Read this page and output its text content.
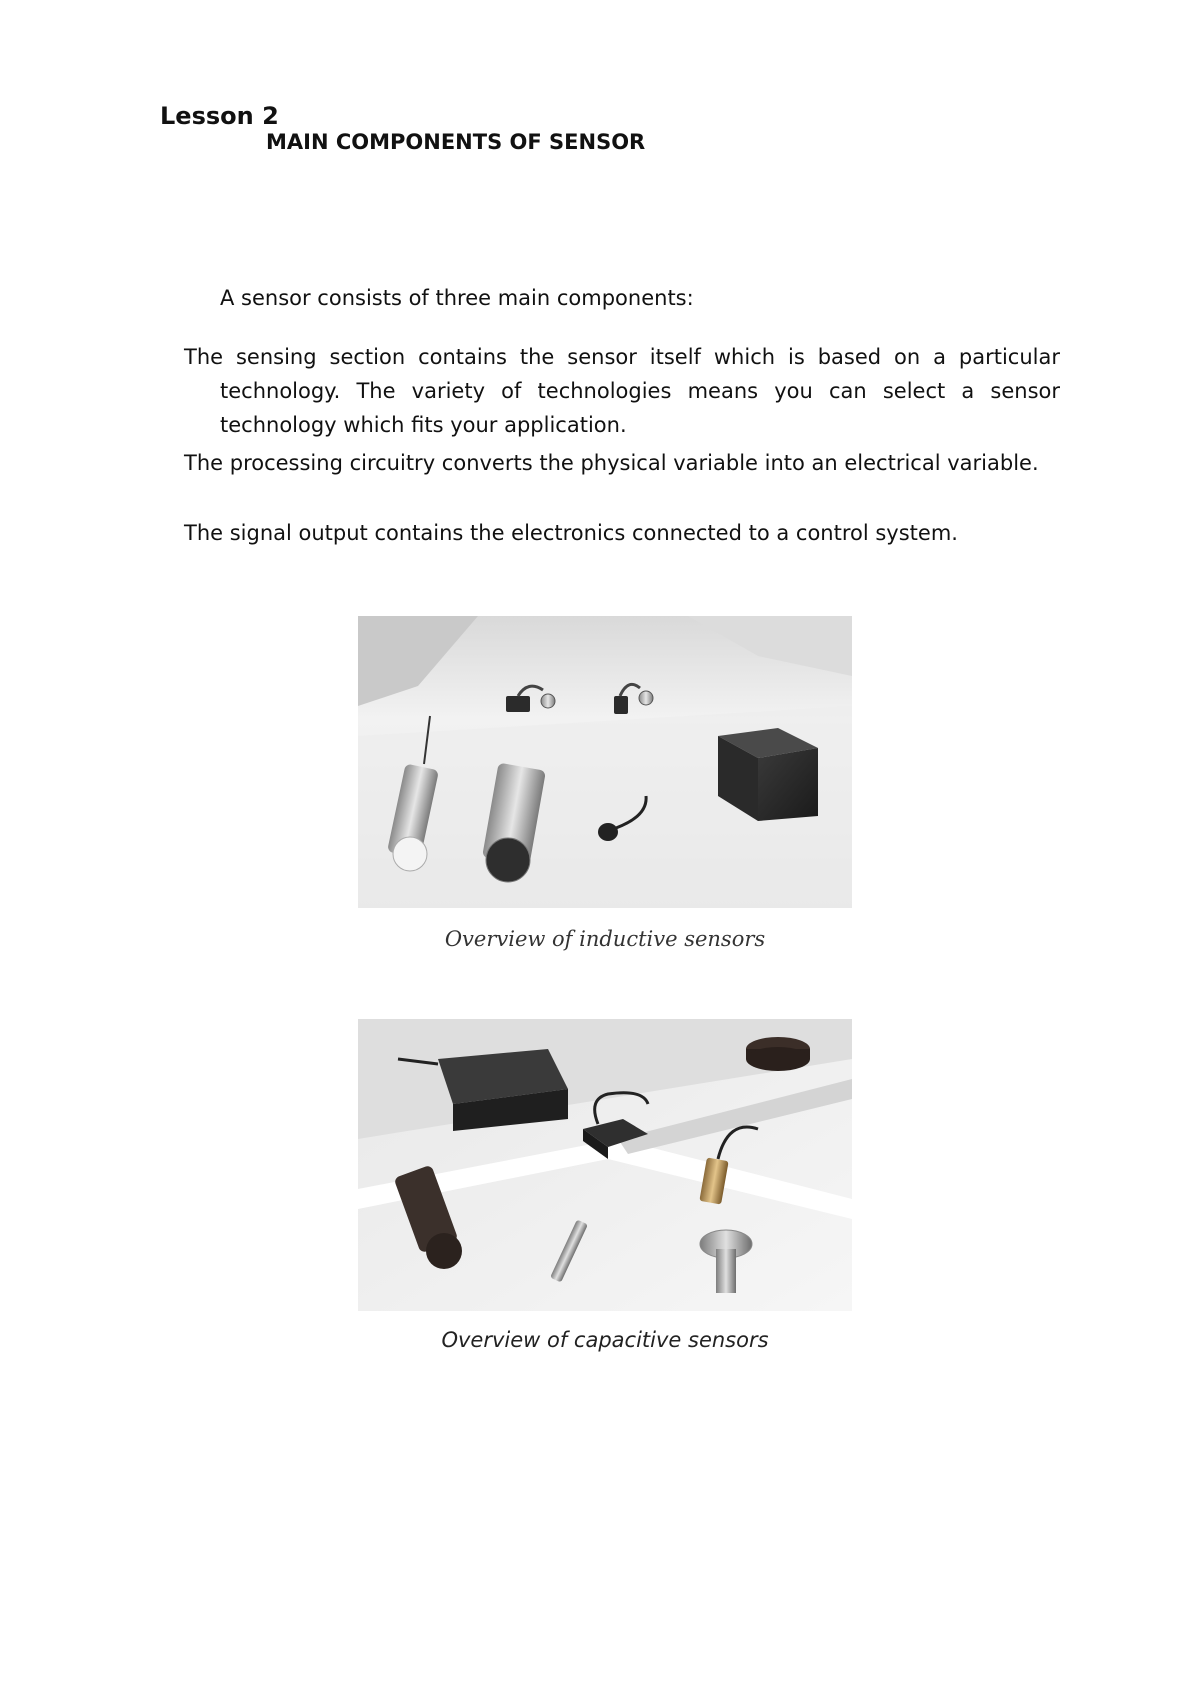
Lesson 2
MAIN COMPONENTS OF SENSOR
A sensor consists of three main components:
The sensing section contains the sensor itself which is based on a particular technology. The variety of technologies means you can select a sensor technology which fits your application.
The processing circuitry converts the physical variable into an electrical variable.
The signal output contains the electronics connected to a control system.
Overview of inductive sensors
Overview of capacitive sensors
